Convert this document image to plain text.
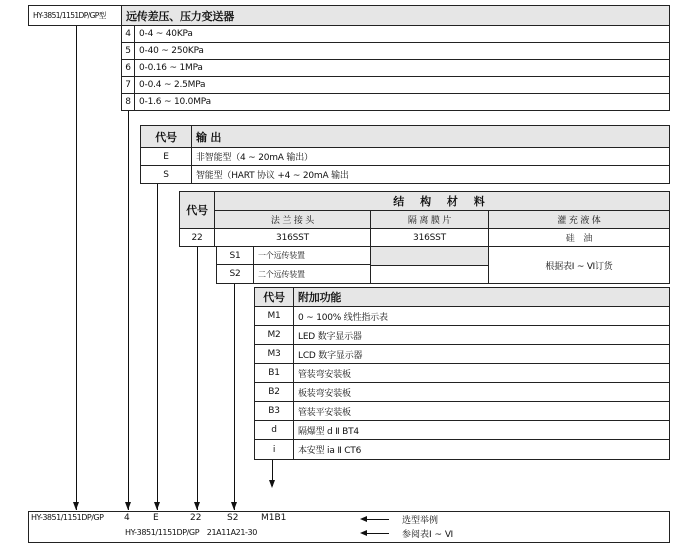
HY-3851/1151DP/GP型	远传差压、压力变送器
4 0-4 ~ 40KPa
5 0-40 ~ 250KPa
6 0-0.16 ~ 1MPa
7 0-0.4 ~ 2.5MPa
8 0-1.6 ~ 10.0MPa
代号	输 出
E	非智能型（4 ~ 20mA 输出）
S	智能型（HART 协议 +4 ~ 20mA 输出
代号
结 构 材 料
法 兰 接 头	隔 离 膜 片	灌 充 液 体
22	316SST	316SST	硅　油
S1	一个远传装置
S2	二个远传装置
根据表Ⅰ ~ Ⅵ订货
代号	附加功能
M1	0 ~ 100% 线性指示表
M2	LED 数字显示器
M3	LCD 数字显示器
B1	管装弯安装板
B2	板装弯安装板
B3	管装平安装板
d	隔爆型 d Ⅱ BT4
i	本安型 ia Ⅱ CT6
HY-3851/1151DP/GP 4	E	22	S2	M1B1	选型举例
HY-3851/1151DP/GP　21A11A21-30	参阅表Ⅰ ~ Ⅵ
